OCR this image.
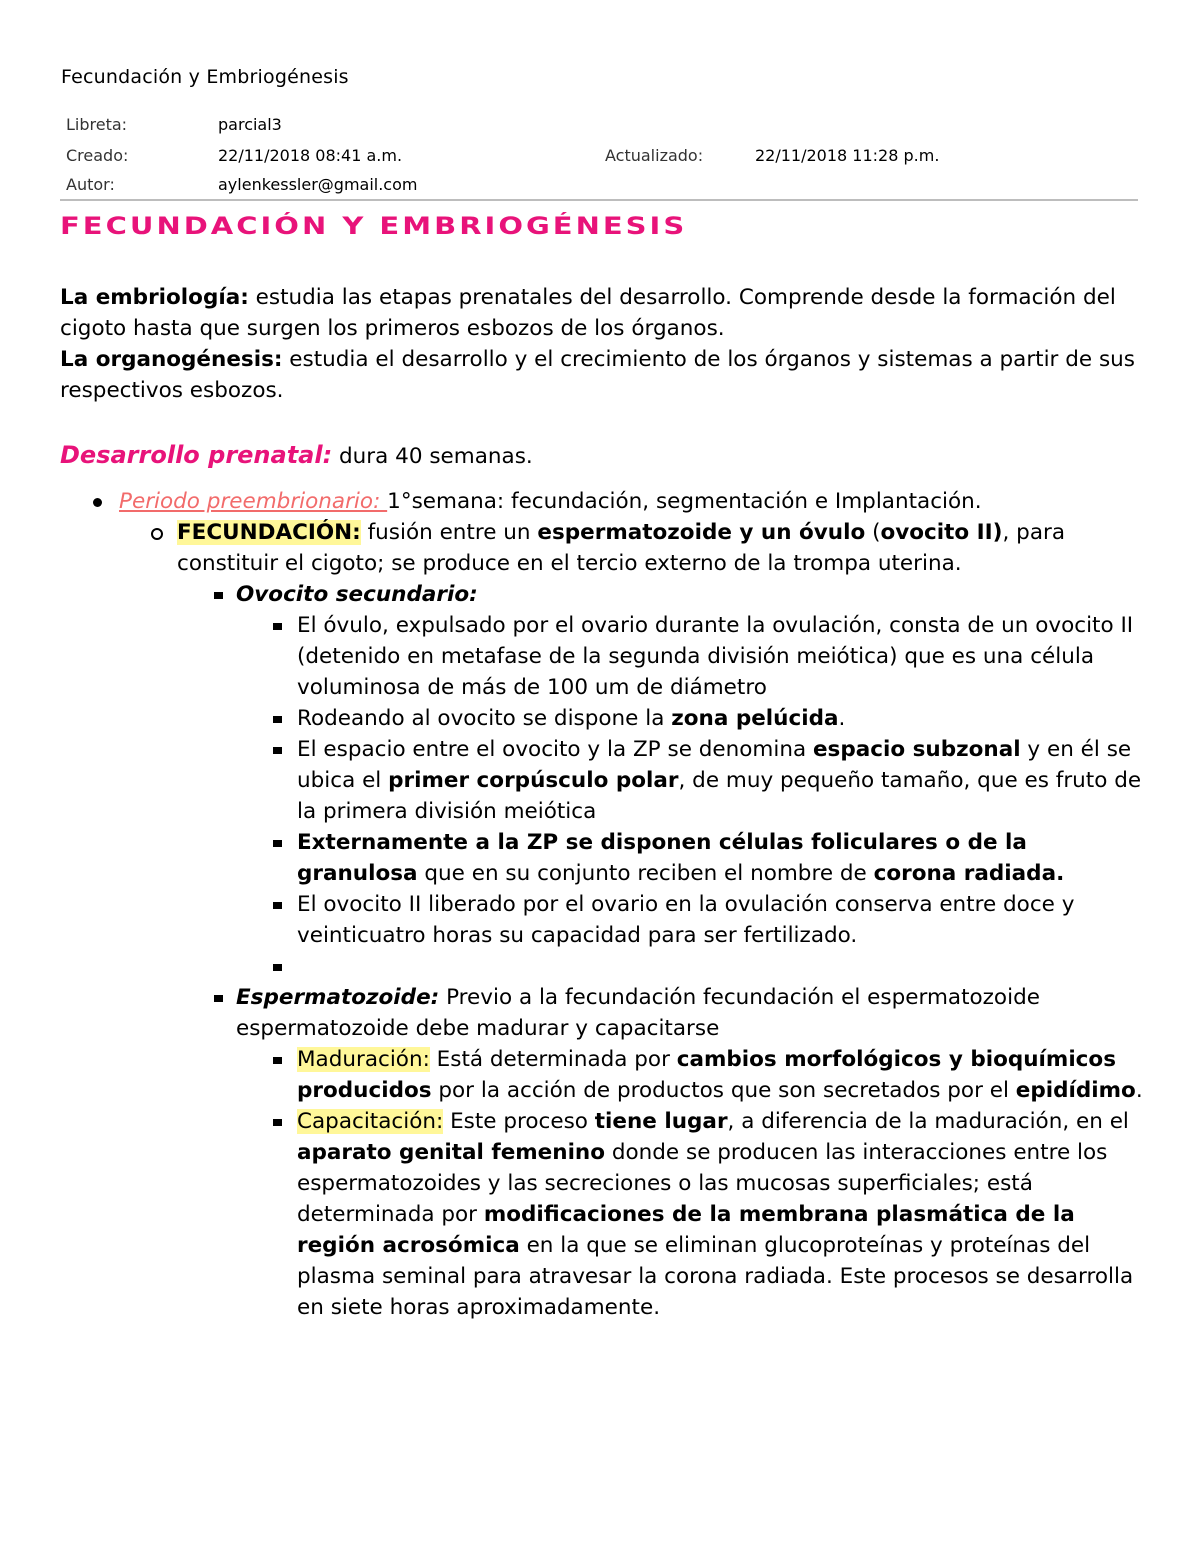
Fecundación y Embriogénesis
Libreta:	parcial3
Creado:	22/11/2018 08:41 a.m.	Actualizado:	22/11/2018 11:28 p.m.
Autor:	aylenkessler@gmail.com
FECUNDACIÓN Y EMBRIOGÉNESIS

La embriología: estudia las etapas prenatales del desarrollo. Comprende desde la formación del cigoto hasta que surgen los primeros esbozos de los órganos.

La organogénesis: estudia el desarrollo y el crecimiento de los órganos y sistemas a partir de sus respectivos esbozos.

Desarrollo prenatal: dura 40 semanas.

Periodo preembrionario: 1°semana: fecundación, segmentación e Implantación.
FECUNDACIÓN: fusión entre un espermatozoide y un óvulo (ovocito II), para constituir el cigoto; se produce en el tercio externo de la trompa uterina.
Ovocito secundario:
El óvulo, expulsado por el ovario durante la ovulación, consta de un ovocito II (detenido en metafase de la segunda división meiótica) que es una célula voluminosa de más de 100 um de diámetro
Rodeando al ovocito se dispone la zona pelúcida.
El espacio entre el ovocito y la ZP se denomina espacio subzonal y en él se ubica el primer corpúsculo polar, de muy pequeño tamaño, que es fruto de la primera división meiótica
Externamente a la ZP se disponen células foliculares o de la granulosa que en su conjunto reciben el nombre de corona radiada.
El ovocito II liberado por el ovario en la ovulación conserva entre doce y veinticuatro horas su capacidad para ser fertilizado.
Espermatozoide: Previo a la fecundación fecundación el espermatozoide espermatozoide debe madurar y capacitarse
Maduración: Está determinada por cambios morfológicos y bioquímicos producidos por la acción de productos que son secretados por el epidídimo.
Capacitación: Este proceso tiene lugar, a diferencia de la maduración, en el aparato genital femenino donde se producen las interacciones entre los espermatozoides y las secreciones o las mucosas superficiales; está determinada por modificaciones de la membrana plasmática de la región acrosómica en la que se eliminan glucoproteínas y proteínas del plasma seminal para atravesar la corona radiada. Este procesos se desarrolla en siete horas aproximadamente.
